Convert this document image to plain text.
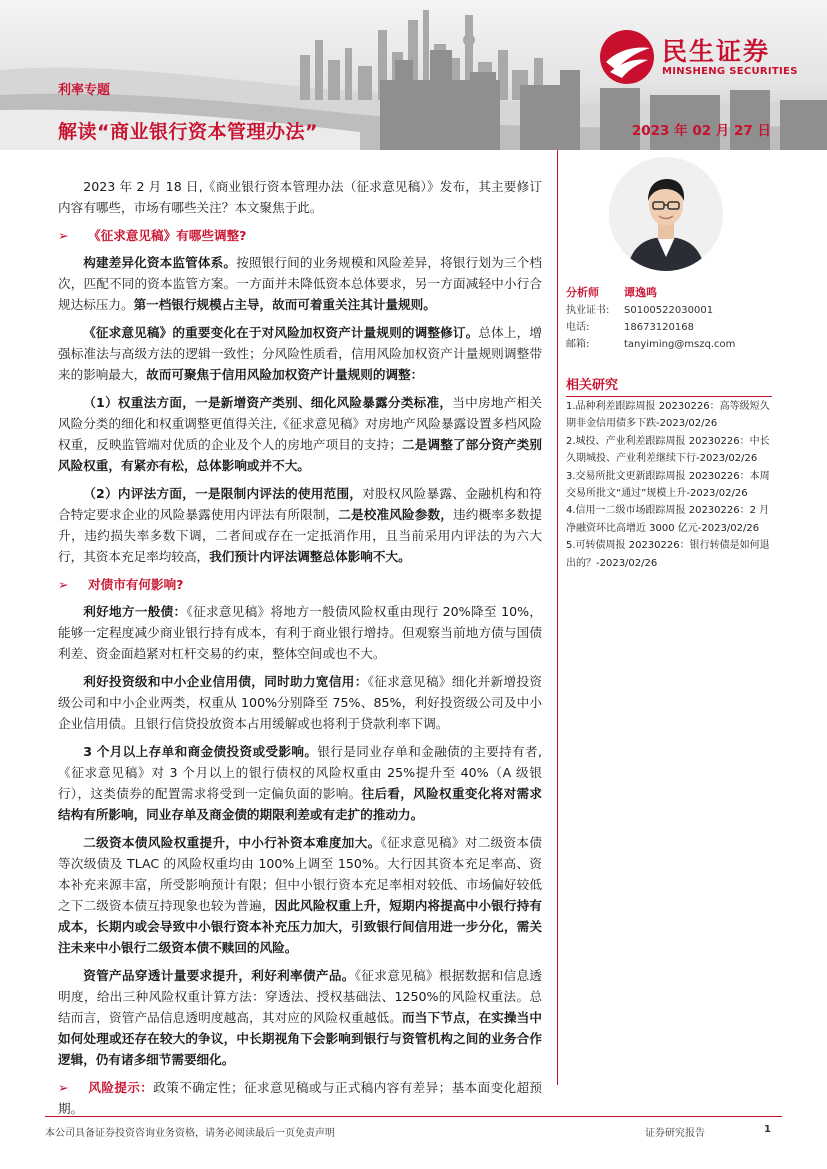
民生证券
MINSHENG SECURITIES
利率专题
解读“商业银行资本管理办法”	2023 年 02 月 27 日

2023 年 2 月 18 日,《商业银行资本管理办法（征求意见稿）》发布，其主要修订内容有哪些，市场有哪些关注？本文聚焦于此。

➢ 《征求意见稿》有哪些调整?

构建差异化资本监管体系。按照银行间的业务规模和风险差异，将银行划为三个档次，匹配不同的资本监管方案。一方面并未降低资本总体要求，另一方面减轻中小行合规达标压力。第一档银行规模占主导，故而可着重关注其计量规则。

《征求意见稿》的重要变化在于对风险加权资产计量规则的调整修订。总体上，增强标准法与高级方法的逻辑一致性；分风险性质看，信用风险加权资产计量规则调整带来的影响最大，故而可聚焦于信用风险加权资产计量规则的调整：

（1）权重法方面，一是新增资产类别、细化风险暴露分类标准，当中房地产相关风险分类的细化和权重调整更值得关注,《征求意见稿》对房地产风险暴露设置多档风险权重，反映监管端对优质的企业及个人的房地产项目的支持；二是调整了部分资产类别风险权重，有紧亦有松，总体影响或并不大。

（2）内评法方面，一是限制内评法的使用范围，对股权风险暴露、金融机构和符合特定要求企业的风险暴露使用内评法有所限制，二是校准风险参数，违约概率多数提升，违约损失率多数下调，二者间或存在一定抵消作用，且当前采用内评法的为六大行，其资本充足率均较高，我们预计内评法调整总体影响不大。

➢ 对债市有何影响?

利好地方一般债：《征求意见稿》将地方一般债风险权重由现行 20%降至 10%，能够一定程度减少商业银行持有成本，有利于商业银行增持。但观察当前地方债与国债利差、资金面趋紧对杠杆交易的约束，整体空间或也不大。

利好投资级和中小企业信用债，同时助力宽信用：《征求意见稿》细化并新增投资级公司和中小企业两类，权重从 100%分别降至 75%、85%，利好投资级公司及中小企业信用债。且银行信贷投放资本占用缓解或也将利于贷款利率下调。

3 个月以上存单和商金债投资或受影响。银行是同业存单和金融债的主要持有者,《征求意见稿》对 3 个月以上的银行债权的风险权重由 25%提升至 40%（A 级银行），这类债券的配置需求将受到一定偏负面的影响。往后看，风险权重变化将对需求结构有所影响，同业存单及商金债的期限利差或有走扩的推动力。

二级资本债风险权重提升，中小行补资本难度加大。《征求意见稿》对二级资本债等次级债及 TLAC 的风险权重均由 100%上调至 150%。大行因其资本充足率高、资本补充来源丰富，所受影响预计有限；但中小银行资本充足率相对较低、市场偏好较低之下二级资本债互持现象也较为普遍，因此风险权重上升，短期内将提高中小银行持有成本，长期内或会导致中小银行资本补充压力加大，引致银行间信用进一步分化，需关注未来中小银行二级资本债不赎回的风险。

资管产品穿透计量要求提升，利好利率债产品。《征求意见稿》根据数据和信息透明度，给出三种风险权重计算方法：穿透法、授权基础法、1250%的风险权重法。总结而言，资管产品信息透明度越高，其对应的风险权重越低。而当下节点，在实操当中如何处理或还存在较大的争议，中长期视角下会影响到银行与资管机构之间的业务合作逻辑，仍有诸多细节需要细化。

➢ 风险提示：政策不确定性；征求意见稿或与正式稿内容有差异；基本面变化超预期。

分析师 谭逸鸣
执业证书: S0100522030001
电话:	18673120168
邮箱:	tanyiming@mszq.com
相关研究
1.品种利差跟踪周报 20230226：高等级短久期非金信用债多下跌-2023/02/26
2.城投、产业利差跟踪周报 20230226：中长久期城投、产业利差继续下行-2023/02/26
3.交易所批文更新跟踪周报 20230226：本周交易所批文“通过”规模上升-2023/02/26
4.信用一二级市场跟踪周报 20230226：2 月净融资环比高增近 3000 亿元-2023/02/26
5.可转债周报 20230226：银行转债是如何退出的？-2023/02/26
本公司具备证券投资咨询业务资格，请务必阅读最后一页免责声明	证券研究报告	1
